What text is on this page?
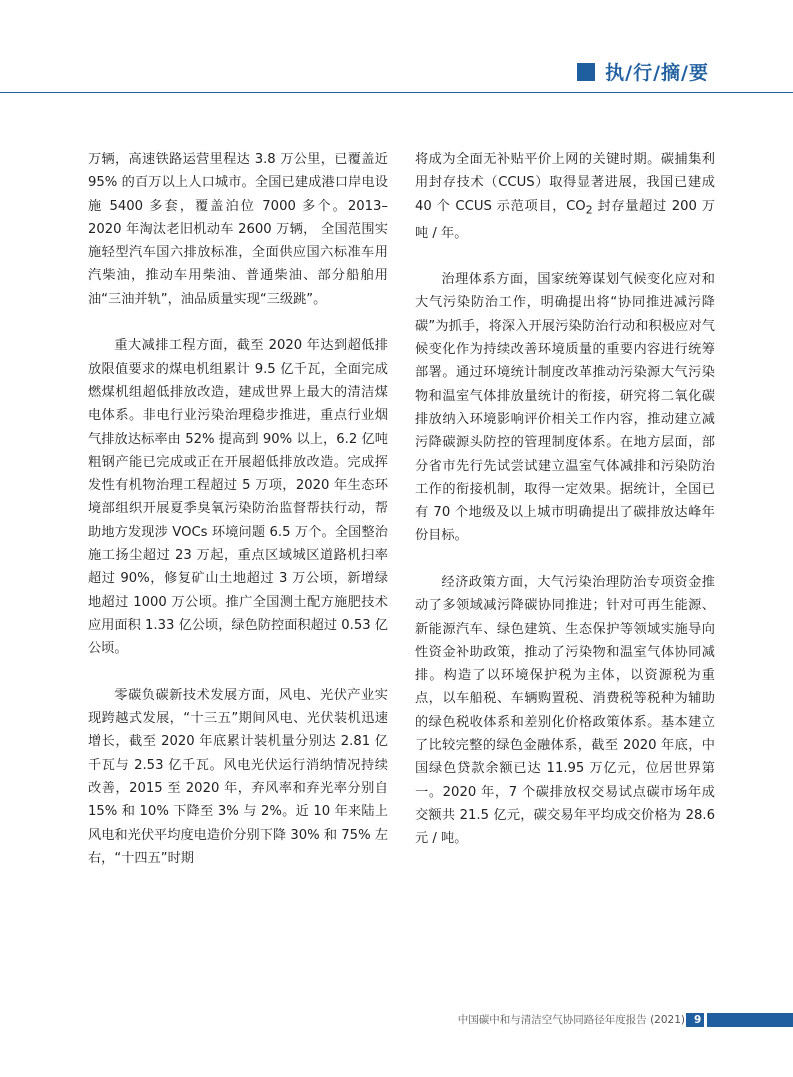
执/行/摘/要

万辆，高速铁路运营里程达 3.8 万公里，已覆盖近 95% 的百万以上人口城市。全国已建成港口岸电设施 5400 多套，覆盖泊位 7000 多个。2013–2020 年淘汰老旧机动车 2600 万辆， 全国范围实施轻型汽车国六排放标准，全面供应国六标准车用汽柴油，推动车用柴油、普通柴油、部分船舶用油“三油并轨”，油品质量实现“三级跳”。

重大减排工程方面，截至 2020 年达到超低排放限值要求的煤电机组累计 9.5 亿千瓦，全面完成燃煤机组超低排放改造，建成世界上最大的清洁煤电体系。非电行业污染治理稳步推进，重点行业烟气排放达标率由 52% 提高到 90% 以上，6.2 亿吨粗钢产能已完成或正在开展超低排放改造。完成挥发性有机物治理工程超过 5 万项，2020 年生态环境部组织开展夏季臭氧污染防治监督帮扶行动，帮助地方发现涉 VOCs 环境问题 6.5 万个。全国整治施工扬尘超过 23 万起，重点区域城区道路机扫率超过 90%，修复矿山土地超过 3 万公顷，新增绿地超过 1000 万公顷。推广全国测土配方施肥技术应用面积 1.33 亿公顷，绿色防控面积超过 0.53 亿公顷。

零碳负碳新技术发展方面，风电、光伏产业实现跨越式发展，“十三五”期间风电、光伏装机迅速增长，截至 2020 年底累计装机量分别达 2.81 亿千瓦与 2.53 亿千瓦。风电光伏运行消纳情况持续改善，2015 至 2020 年，弃风率和弃光率分别自 15% 和 10% 下降至 3% 与 2%。近 10 年来陆上风电和光伏平均度电造价分别下降 30% 和 75% 左右，“十四五”时期

将成为全面无补贴平价上网的关键时期。碳捕集利用封存技术（CCUS）取得显著进展，我国已建成 40 个 CCUS 示范项目，$CO_2$ 封存量超过 200 万吨 / 年。

治理体系方面，国家统筹谋划气候变化应对和大气污染防治工作，明确提出将“协同推进减污降碳”为抓手，将深入开展污染防治行动和积极应对气候变化作为持续改善环境质量的重要内容进行统筹部署。通过环境统计制度改革推动污染源大气污染物和温室气体排放量统计的衔接，研究将二氧化碳排放纳入环境影响评价相关工作内容，推动建立减污降碳源头防控的管理制度体系。在地方层面，部分省市先行先试尝试建立温室气体减排和污染防治工作的衔接机制，取得一定效果。据统计，全国已有 70 个地级及以上城市明确提出了碳排放达峰年份目标。

经济政策方面，大气污染治理防治专项资金推动了多领域减污降碳协同推进；针对可再生能源、新能源汽车、绿色建筑、生态保护等领域实施导向性资金补助政策，推动了污染物和温室气体协同减排。构造了以环境保护税为主体，以资源税为重点，以车船税、车辆购置税、消费税等税种为辅助的绿色税收体系和差别化价格政策体系。基本建立了比较完整的绿色金融体系，截至 2020 年底，中国绿色贷款余额已达 11.95 万亿元，位居世界第一。2020 年，7 个碳排放权交易试点碳市场年成交额共 21.5 亿元，碳交易年平均成交价格为 28.6 元 / 吨。

中国碳中和与清洁空气协同路径年度报告 (2021) 9
